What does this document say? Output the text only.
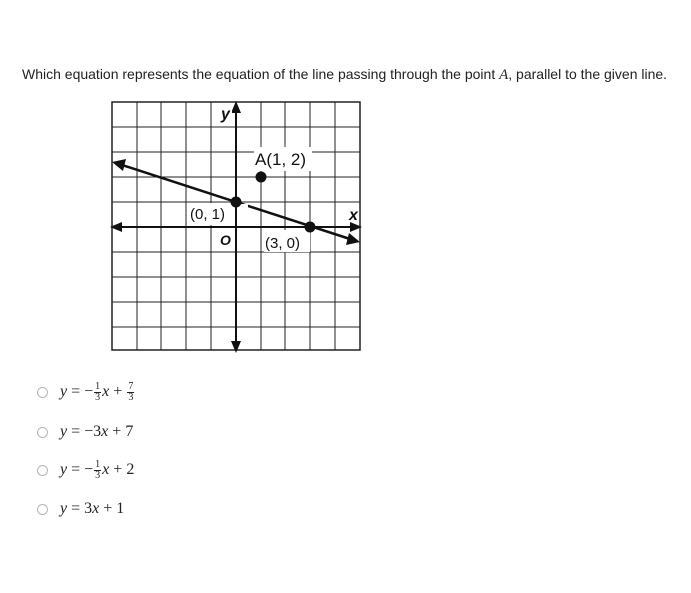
Which equation represents the equation of the line passing through the point A, parallel to the given line.
A(1, 2)
(0, 1)
(3, 0)
O
x
y
y = − $\frac{1}{3}$ $x + \frac{7}{3}$
y = −3 x + 7
y = − $\frac{1}{3}$ x + 2
y = 3 x + 1
